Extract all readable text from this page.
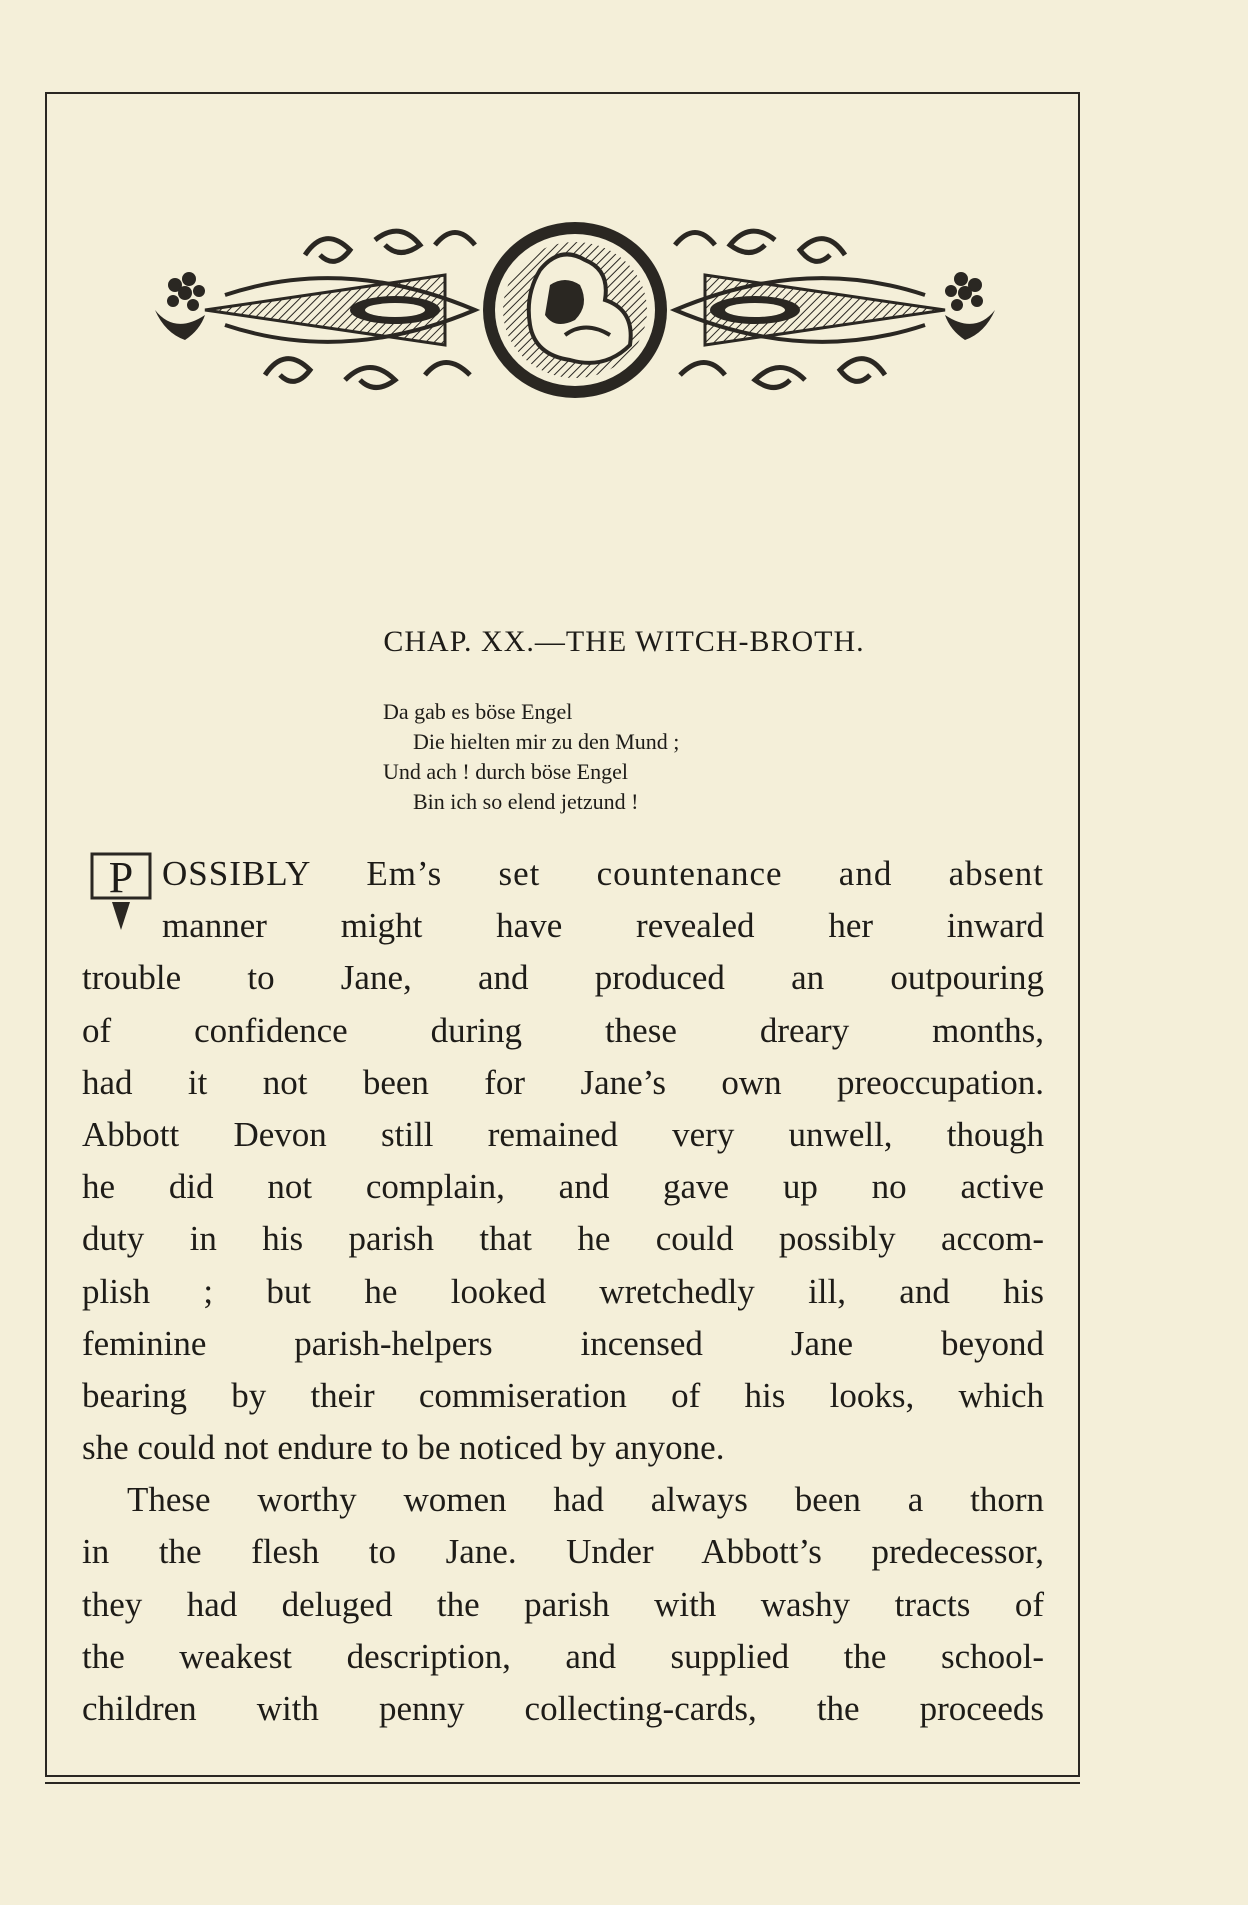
CHAP. XX.—THE WITCH-BROTH.
Da gab es böse Engel
Die hielten mir zu den Mund ;
Und ach ! durch böse Engel
Bin ich so elend jetzund !
P OSSIBLY Em’s set countenance and absent
manner might have revealed her inward
trouble to Jane, and produced an outpouring
of confidence during these dreary months,
had it not been for Jane’s own preoccupation.
Abbott Devon still remained very unwell, though
he did not complain, and gave up no active
duty in his parish that he could possibly accom-
plish ; but he looked wretchedly ill, and his
feminine parish-helpers incensed Jane beyond
bearing by their commiseration of his looks, which
she could not endure to be noticed by anyone.
These worthy women had always been a thorn
in the flesh to Jane. Under Abbott’s predecessor,
they had deluged the parish with washy tracts of
the weakest description, and supplied the school-
children with penny collecting-cards, the proceeds
